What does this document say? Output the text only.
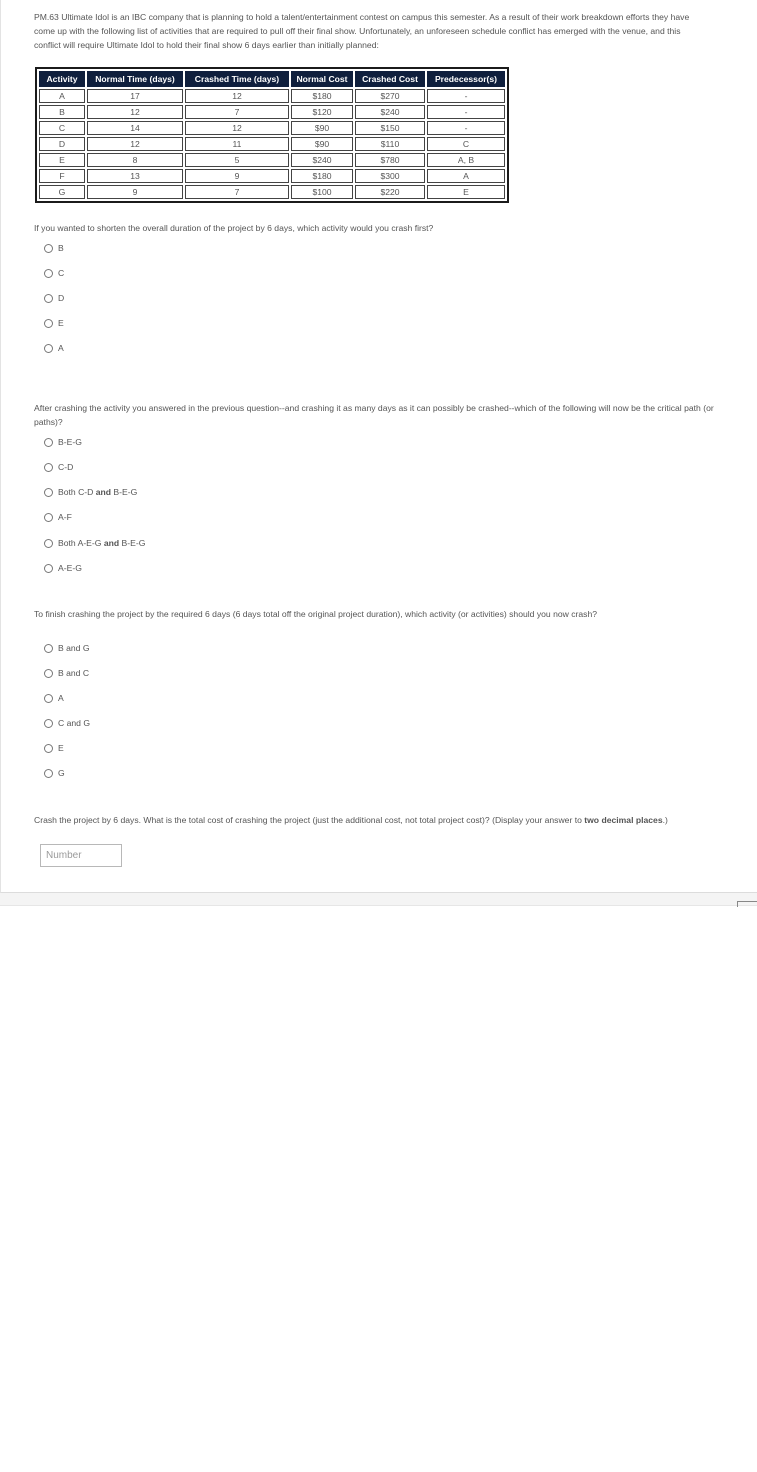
PM.63 Ultimate Idol is an IBC company that is planning to hold a talent/entertainment contest on campus this semester. As a result of their work breakdown efforts they have come up with the following list of activities that are required to pull off their final show. Unfortunately, an unforeseen schedule conflict has emerged with the venue, and this conflict will require Ultimate Idol to hold their final show 6 days earlier than initially planned:

Activity	Normal Time (days)	Crashed Time (days)	Normal Cost	Crashed Cost	Predecessor(s)
A	17	12	$180	$270	-
B	12	7	$120	$240	-
C	14	12	$90	$150	-
D	12	11	$90	$110	C
E	8	5	$240	$780	A, B
F	13	9	$180	$300	A
G	9	7	$100	$220	E

If you wanted to shorten the overall duration of the project by 6 days, which activity would you crash first?

B
C
D
E
A

After crashing the activity you answered in the previous question--and crashing it as many days as it can possibly be crashed--which of the following will now be the critical path (or paths)?

B-E-G
C-D
Both C-D and B-E-G
A-F
Both A-E-G and B-E-G
A-E-G

To finish crashing the project by the required 6 days (6 days total off the original project duration), which activity (or activities) should you now crash?

B and G
B and C
A
C and G
E
G

Crash the project by 6 days. What is the total cost of crashing the project (just the additional cost, not total project cost)? (Display your answer to two decimal places.)

Number
